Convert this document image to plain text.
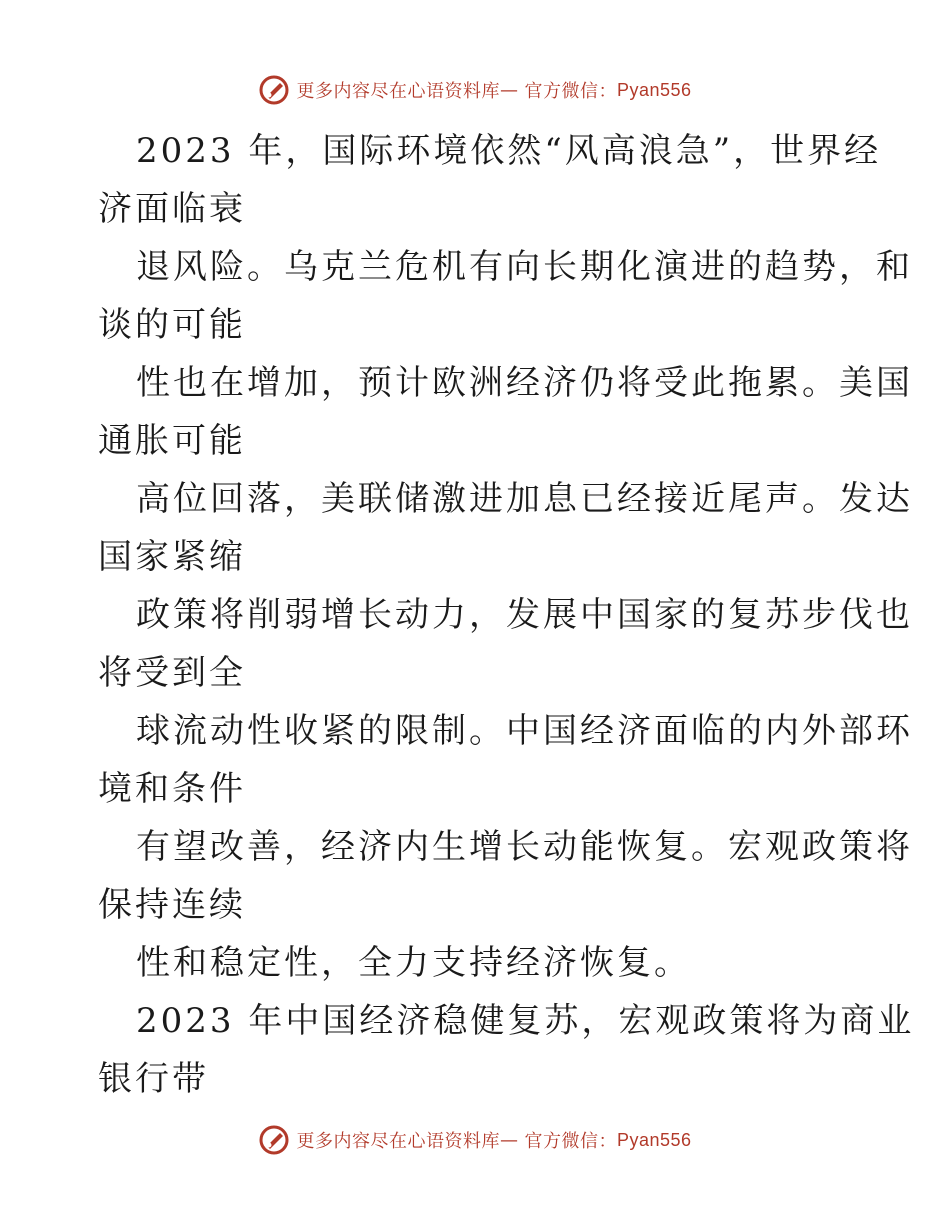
更多内容尽在心语资料库 — 官方微信： Pyan556
2023 年，国际环境依然“风高浪急”，世界经
济面临衰
退风险。乌克兰危机有向长期化演进的趋势，和
谈的可能
性也在增加，预计欧洲经济仍将受此拖累。美国
通胀可能
高位回落，美联储激进加息已经接近尾声。发达
国家紧缩
政策将削弱增长动力，发展中国家的复苏步伐也
将受到全
球流动性收紧的限制。中国经济面临的内外部环
境和条件
有望改善，经济内生增长动能恢复。宏观政策将
保持连续
性和稳定性，全力支持经济恢复。
2023 年中国经济稳健复苏，宏观政策将为商业
银行带
更多内容尽在心语资料库 — 官方微信： Pyan556
